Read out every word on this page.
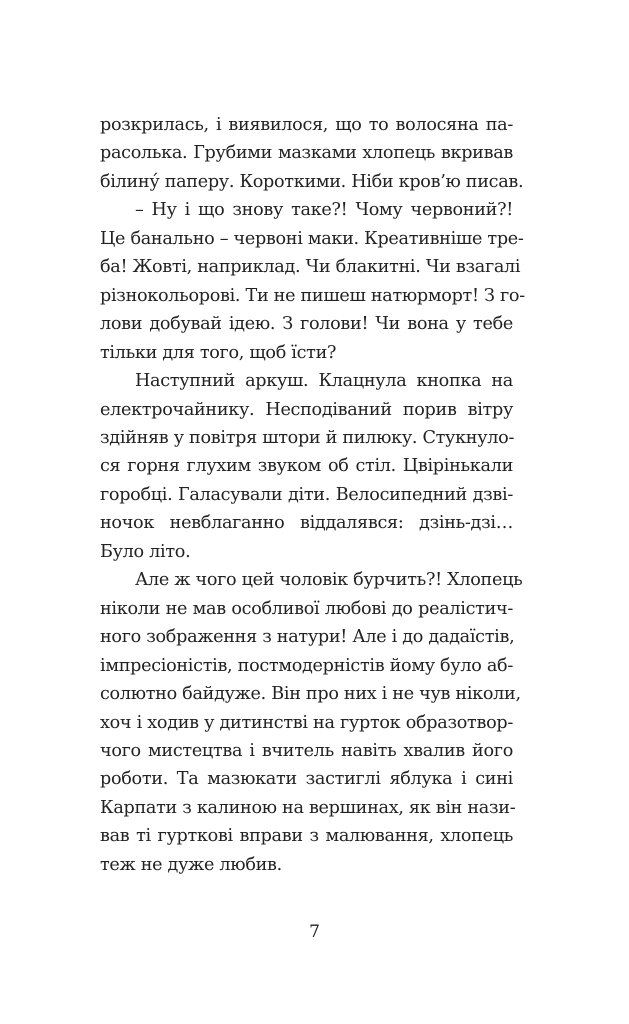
розкрилась, і виявилося, що то волосяна па-
расолька. Грубими мазками хлопець вкривав
білину́ паперу. Короткими. Ніби кров’ю писав.
– Ну і що знову таке?! Чому червоний?!
Це банально – червоні маки. Креативніше тре-
ба! Жовті, наприклад. Чи блакитні. Чи взагалі
різнокольорові. Ти не пишеш натюрморт! З го-
лови добувай ідею. З голови! Чи вона у тебе
тільки для того, щоб їсти?
Наступний аркуш. Клацнула кнопка на
електрочайнику. Несподіваний порив вітру
здійняв у повітря штори й пилюку. Стукнуло-
ся горня глухим звуком об стіл. Цвірінькали
горобці. Галасували діти. Велосипедний дзві-
ночок невблаганно віддалявся: дзінь-дзі…
Було літо.
Але ж чого цей чоловік бурчить?! Хлопець
ніколи не мав особливої любові до реалістич-
ного зображення з натури! Але і до дадаїстів,
імпресіоністів, постмодерністів йому було аб-
солютно байдуже. Він про них і не чув ніколи,
хоч і ходив у дитинстві на гурток образотвор-
чого мистецтва і вчитель навіть хвалив його
роботи. Та мазюкати застиглі яблука і сині
Карпати з калиною на вершинах, як він нази-
вав ті гурткові вправи з малювання, хлопець
теж не дуже любив.
7
